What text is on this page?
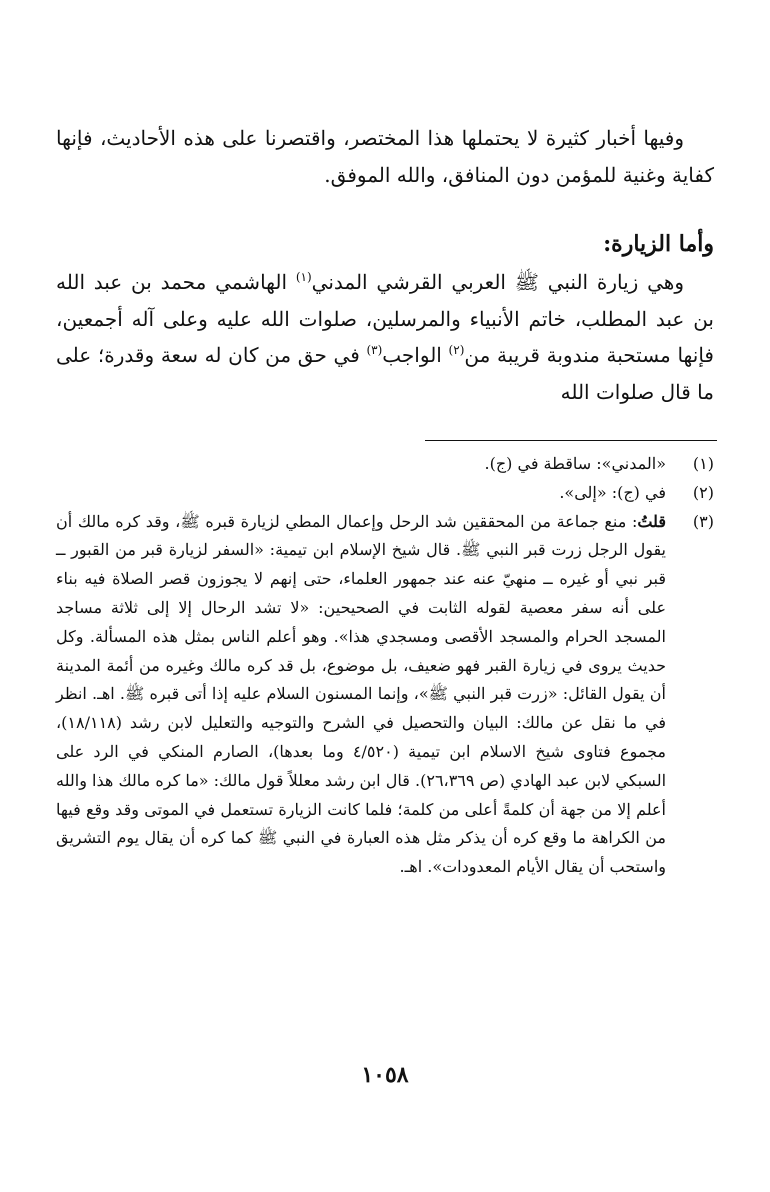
وفيها أخبار كثيرة لا يحتملها هذا المختصر، واقتصرنا على هذه الأحاديث، فإنها كفاية وغنية للمؤمن دون المنافق، والله الموفق.

وأما الزيارة:

وهي زيارة النبي ﷺ العربي القرشي المدني$^{(١)}$ الهاشمي محمد بن عبد الله بن عبد المطلب، خاتم الأنبياء والمرسلين، صلوات الله عليه وعلى آله أجمعين، فإنها مستحبة مندوبة قريبة من$^{(٢)}$ الواجب$^{(٣)}$ في حق من كان له سعة وقدرة؛ على ما قال صلوات الله

(١)
«المدني»: ساقطة في (ج).
(٢)
في (ج): «إلى».
(٣)
قلتُ: منع جماعة من المحققين شد الرحل وإعمال المطي لزيارة قبره ﷺ، وقد كره مالك أن يقول الرجل زرت قبر النبي ﷺ. قال شيخ الإسلام ابن تيمية: «السفر لزيارة قبر من القبور ــ قبر نبي أو غيره ــ منهيّ عنه عند جمهور العلماء، حتى إنهم لا يجوزون قصر الصلاة فيه بناء على أنه سفر معصية لقوله الثابت في الصحيحين: «لا تشد الرحال إلا إلى ثلاثة مساجد المسجد الحرام والمسجد الأقصى ومسجدي هذا». وهو أعلم الناس بمثل هذه المسألة. وكل حديث يروى في زيارة القبر فهو ضعيف، بل موضوع، بل قد كره مالك وغيره من أئمة المدينة أن يقول القائل: «زرت قبر النبي ﷺ»، وإنما المسنون السلام عليه إذا أتى قبره ﷺ. اهـ. انظر في ما نقل عن مالك: البيان والتحصيل في الشرح والتوجيه والتعليل لابن رشد (١٨/١١٨)، مجموع فتاوى شيخ الاسلام ابن تيمية (٤/٥٢٠ وما بعدها)، الصارم المنكي في الرد على السبكي لابن عبد الهادي (ص ٢٦،٣٦٩). قال ابن رشد معللاً قول مالك: «ما كره مالك هذا والله أعلم إلا من جهة أن كلمةً أعلى من كلمة؛ فلما كانت الزيارة تستعمل في الموتى وقد وقع فيها من الكراهة ما وقع كره أن يذكر مثل هذه العبارة في النبي ﷺ كما كره أن يقال يوم التشريق واستحب أن يقال الأيام المعدودات». اهـ.
١٠٥٨
